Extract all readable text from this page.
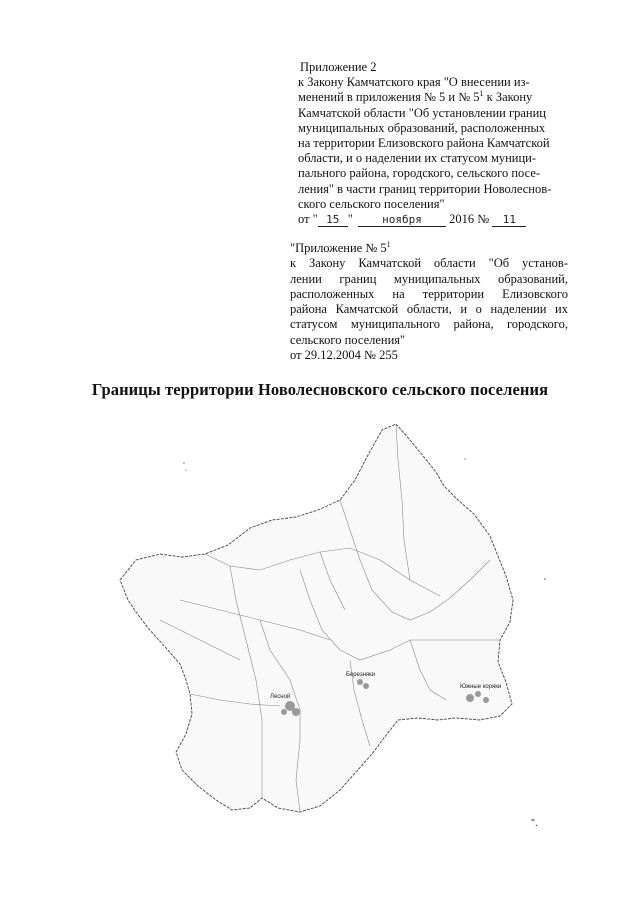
Приложение 2
к Закону Камчатского края "О внесении из-
менений в приложения № 5 и № $5^1$ к Закону
Камчатской области "Об установлении границ
муниципальных образований, расположенных
на территории Елизовского района Камчатской
области, и о наделении их статусом муници-
пального района, городского, сельского посе-
ления" в части границ территории Новолеснов-
ского сельского поселения"
от " 15 "	ноября 2016 № 11
"Приложение № $5^1$
к Закону Камчатской области "Об установ-
лении границ муниципальных образований,
расположенных на территории Елизовского
района Камчатской области, и о наделении их
статусом муниципального района, городского,
сельского поселения"
от 29.12.2004 № 255
Границы территории Новолесновского сельского поселения
Лесной
Березняки
Южные коряки
".
